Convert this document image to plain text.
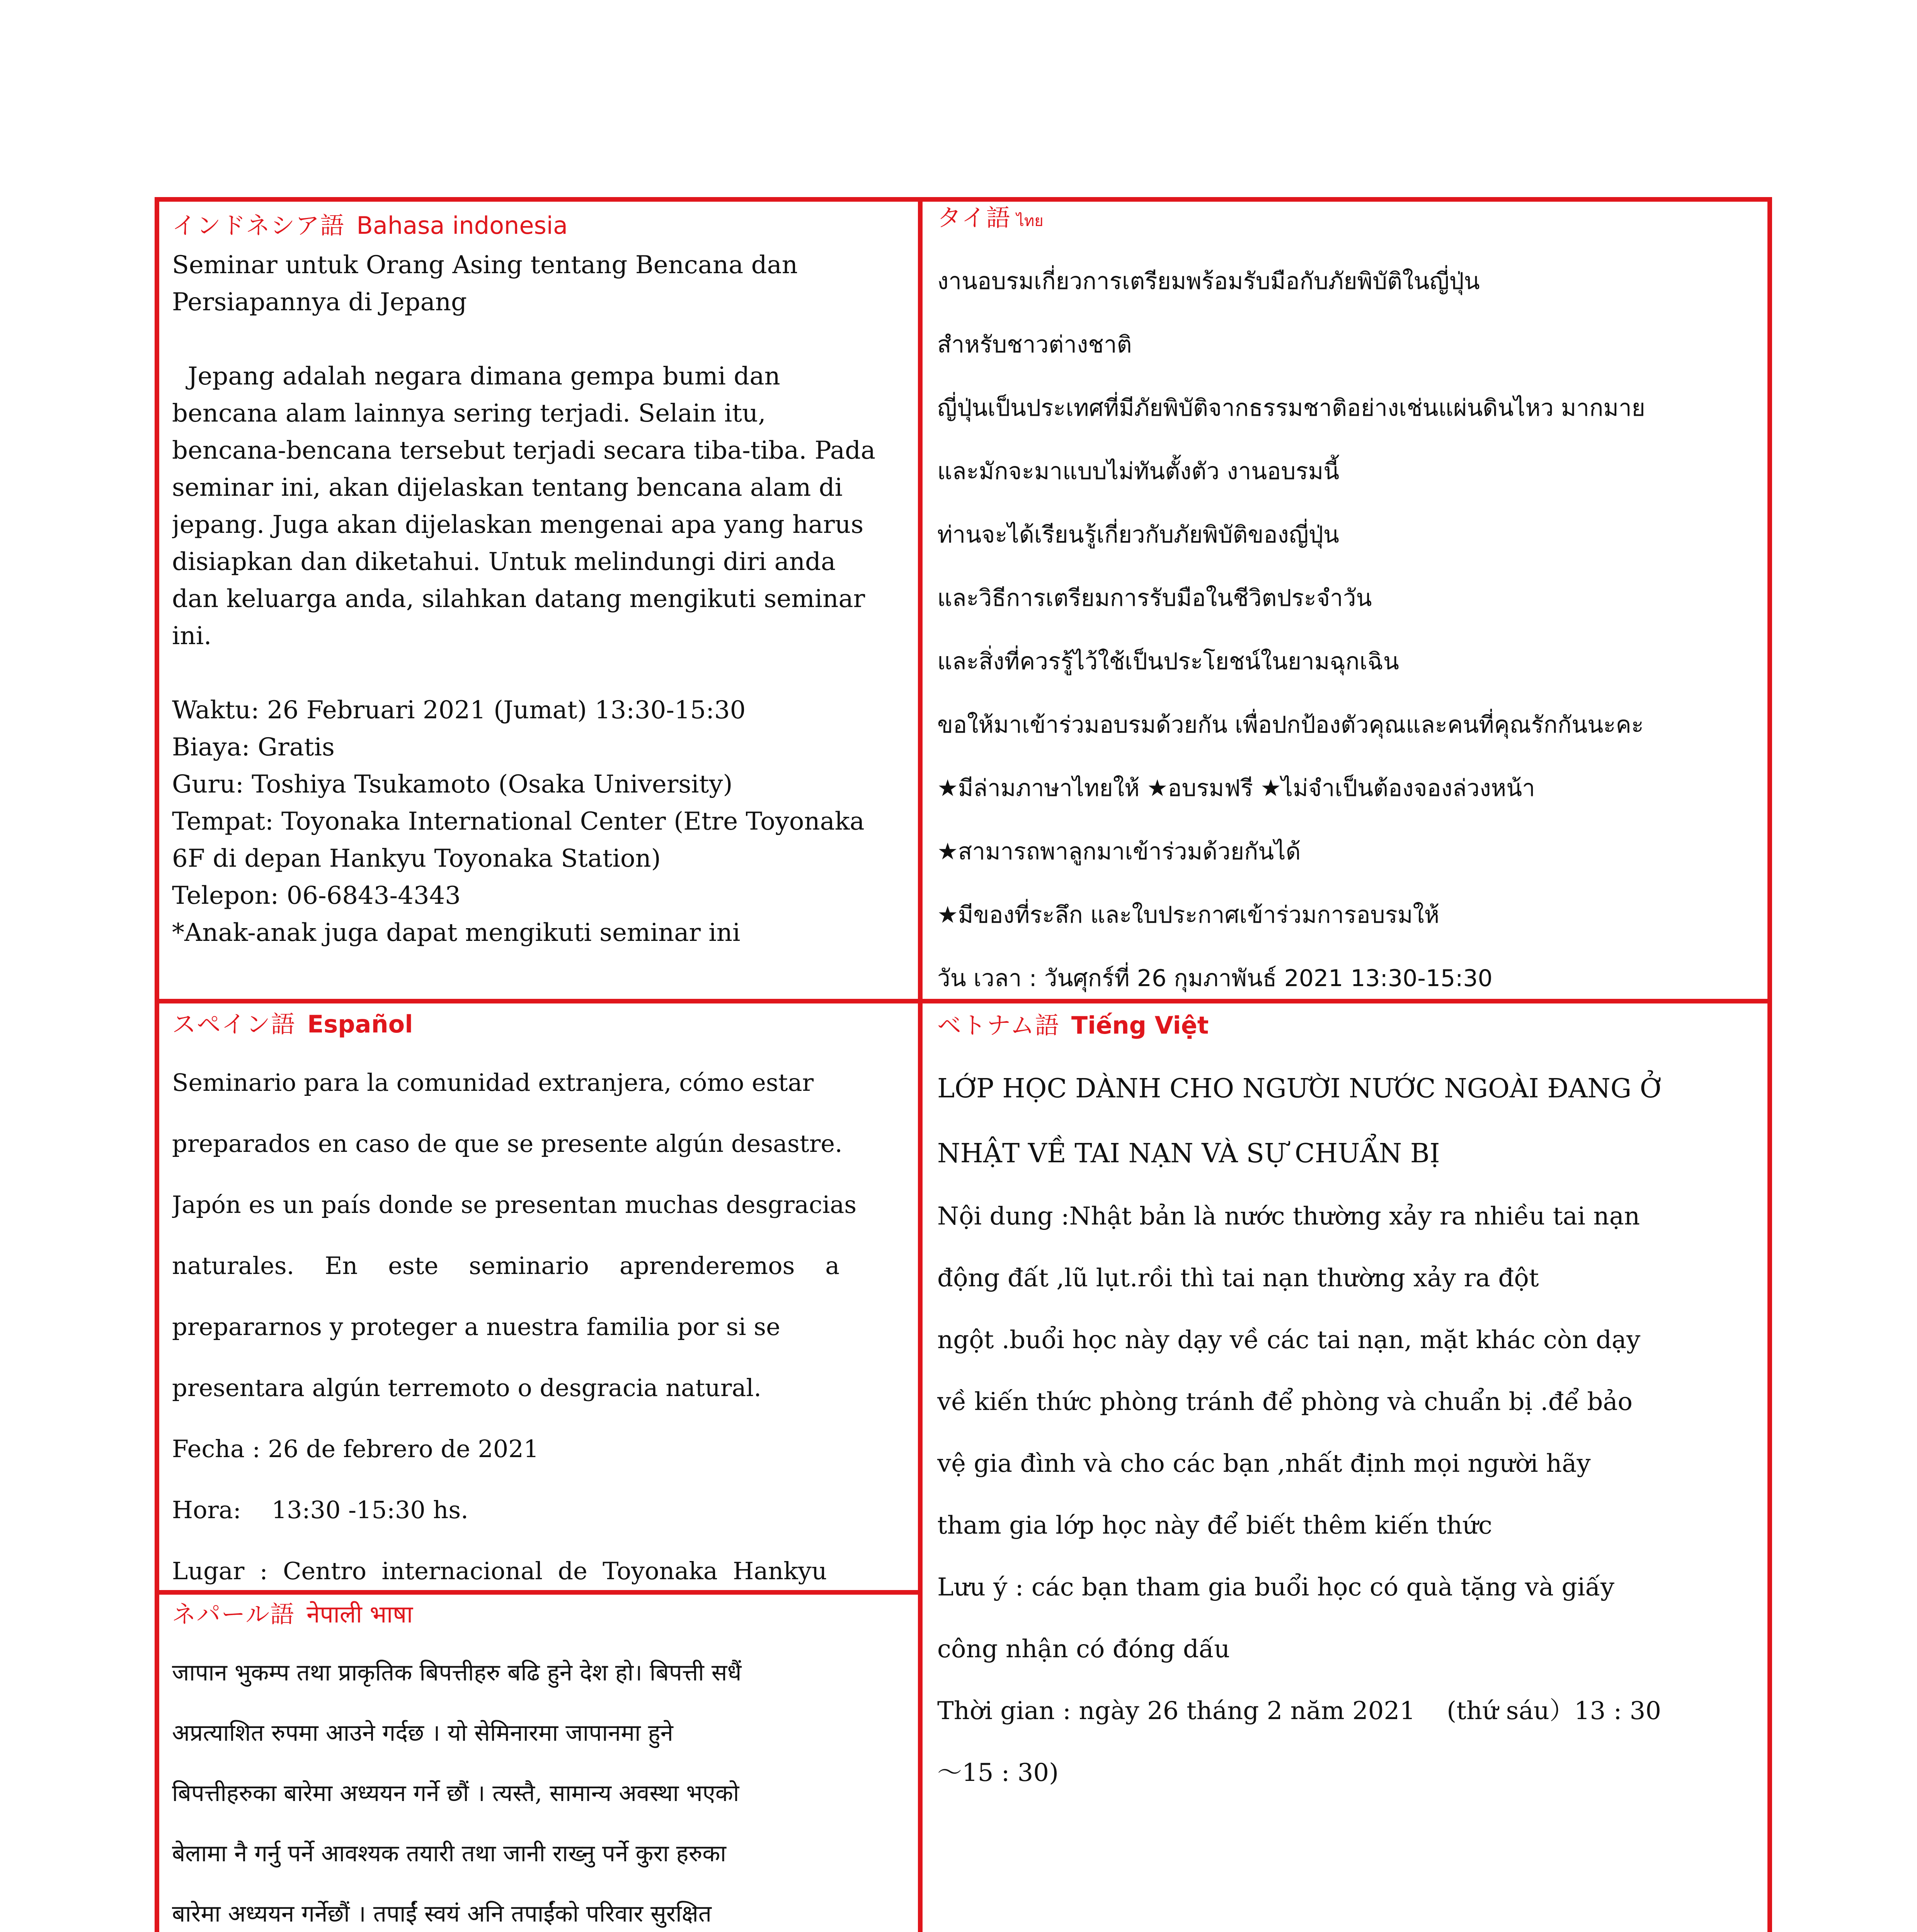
インドネシア語 Bahasa indonesia

Seminar untuk Orang Asing tentang Bencana dan

Persiapannya di Jepang

Jepang adalah negara dimana gempa bumi dan

bencana alam lainnya sering terjadi. Selain itu,

bencana-bencana tersebut terjadi secara tiba-tiba. Pada

seminar ini, akan dijelaskan tentang bencana alam di

jepang. Juga akan dijelaskan mengenai apa yang harus

disiapkan dan diketahui. Untuk melindungi diri anda

dan keluarga anda, silahkan datang mengikuti seminar

ini.

Waktu: 26 Februari 2021 (Jumat) 13:30-15:30

Biaya: Gratis

Guru: Toshiya Tsukamoto (Osaka University)

Tempat: Toyonaka International Center (Etre Toyonaka

6F di depan Hankyu Toyonaka Station)

Telepon: 06-6843-4343

*Anak-anak juga dapat mengikuti seminar ini

タイ語 ไทย

งานอบรมเกี่ยวการเตรียมพร้อมรับมือกับภัยพิบัติในญี่ปุ่น

สำหรับชาวต่างชาติ

ญี่ปุ่นเป็นประเทศที่มีภัยพิบัติจากธรรมชาติอย่างเช่นแผ่นดินไหว มากมาย

และมักจะมาแบบไม่ทันตั้งตัว งานอบรมนี้

ท่านจะได้เรียนรู้เกี่ยวกับภัยพิบัติของญี่ปุ่น

และวิธีการเตรียมการรับมือในชีวิตประจำวัน

และสิ่งที่ควรรู้ไว้ใช้เป็นประโยชน์ในยามฉุกเฉิน

ขอให้มาเข้าร่วมอบรมด้วยกัน เพื่อปกป้องตัวคุณและคนที่คุณรักกันนะคะ

★มีล่ามภาษาไทยให้ ★อบรมฟรี ★ไม่จำเป็นต้องจองล่วงหน้า

★สามารถพาลูกมาเข้าร่วมด้วยกันได้

★มีของที่ระลึก และใบประกาศเข้าร่วมการอบรมให้

วัน เวลา : วันศุกร์ที่ 26 กุมภาพันธ์ 2021 13:30-15:30

スペイン語 Español

Seminario para la comunidad extranjera, cómo estar

preparados en caso de que se presente algún desastre.

Japón es un país donde se presentan muchas desgracias

naturales.    En    este    seminario    aprenderemos    a

prepararnos y proteger a nuestra familia por si se

presentara algún terremoto o desgracia natural.

Fecha : 26 de febrero de 2021

Hora:    13:30 -15:30 hs.

Lugar  :  Centro  internacional  de  Toyonaka  Hankyu

ネパール語 नेपाली भाषा

जापान भुकम्प तथा प्राकृतिक बिपत्तीहरु बढि हुने देश हो। बिपत्ती सधैं

अप्रत्याशित रुपमा आउने गर्दछ । यो सेमिनारमा जापानमा हुने

बिपत्तीहरुका बारेमा अध्ययन गर्ने छौं । त्यस्तै, सामान्य अवस्था भएको

बेलामा नै गर्नु पर्ने आवश्यक तयारी तथा जानी राख्नु पर्ने कुरा हरुका

बारेमा अध्ययन गर्नेछौं । तपाईं स्वयं अनि तपाईंको परिवार सुरक्षित

ベトナム語 Tiếng Việt

LỚP HỌC DÀNH CHO NGƯỜI NƯỚC NGOÀI ĐANG Ở

NHẬT VỀ TAI NẠN VÀ SỰ CHUẨN BỊ

Nội dung :Nhật bản là nước thường xảy ra nhiều tai nạn

động đất ,lũ lụt.rồi thì tai nạn thường xảy ra đột

ngột .buổi học này dạy về các tai nạn, mặt khác còn dạy

về kiến thức phòng tránh để phòng và chuẩn bị .để bảo

vệ gia đình và cho các bạn ,nhất định mọi người hãy

tham gia lớp học này để biết thêm kiến thức

Lưu ý : các bạn tham gia buổi học có quà tặng và giấy

công nhận có đóng dấu

Thời gian : ngày 26 tháng 2 năm 2021    (thứ sáu）13 : 30

～15 : 30)
